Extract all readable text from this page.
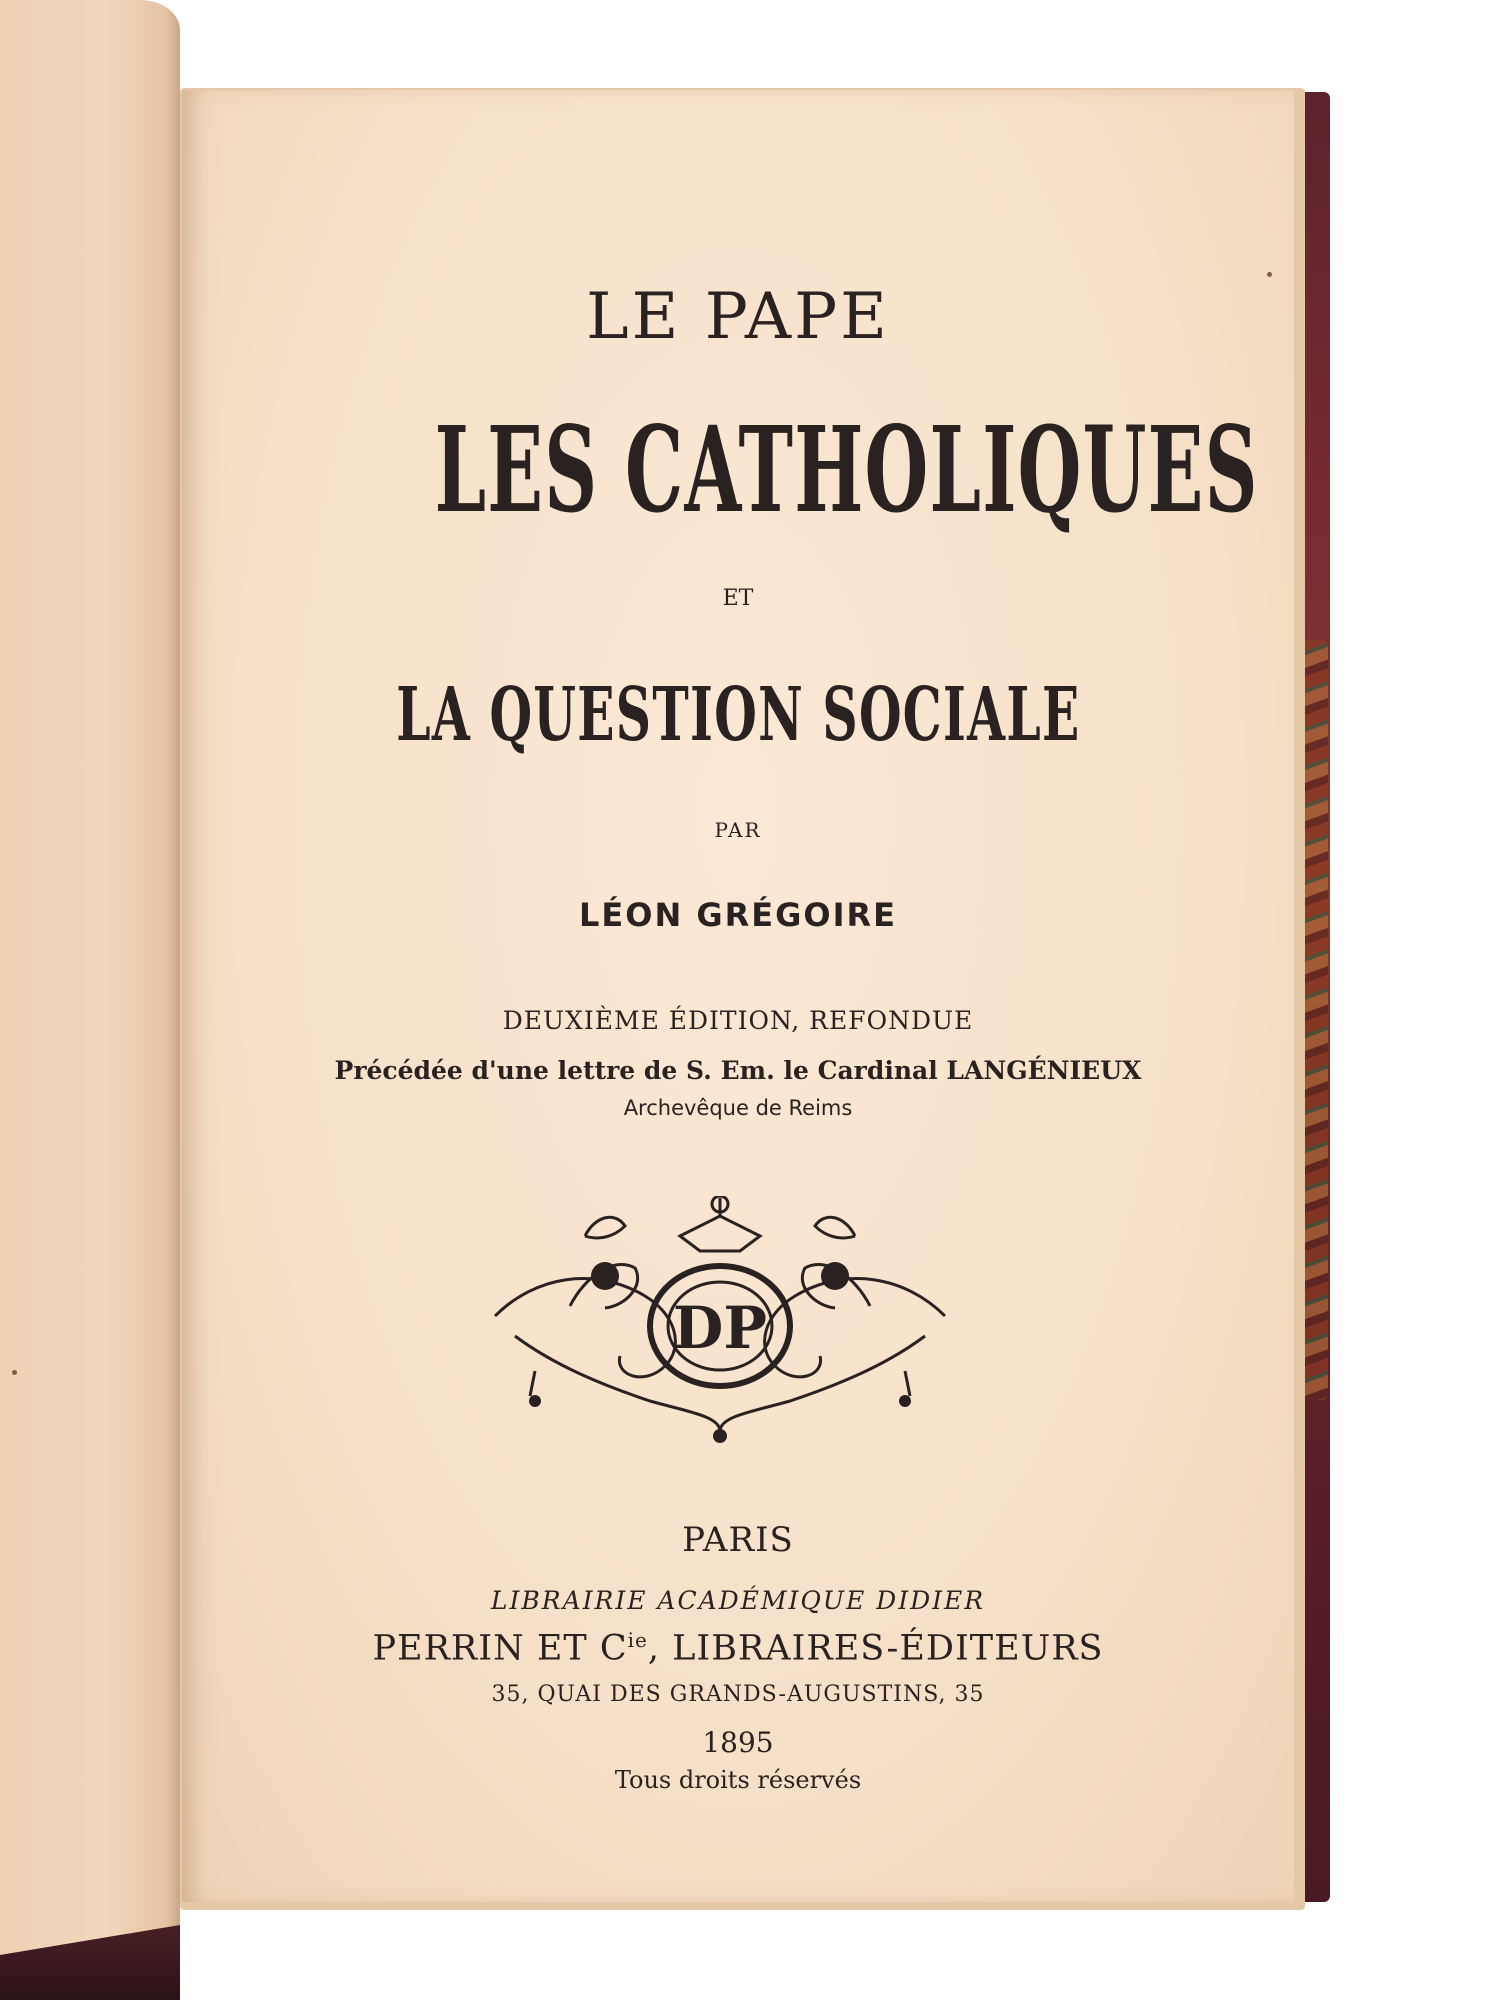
LE PAPE
LES CATHOLIQUES
ET
LA QUESTION SOCIALE
PAR
LÉON GRÉGOIRE
DEUXIÈME ÉDITION, REFONDUE
Précédée d'une lettre de S. Em. le Cardinal LANGÉNIEUX
Archevêque de Reims
DP
PARIS
LIBRAIRIE ACADÉMIQUE DIDIER
PERRIN ET $C^{ie}$, LIBRAIRES-ÉDITEURS
35, QUAI DES GRANDS-AUGUSTINS, 35
1895
Tous droits réservés
